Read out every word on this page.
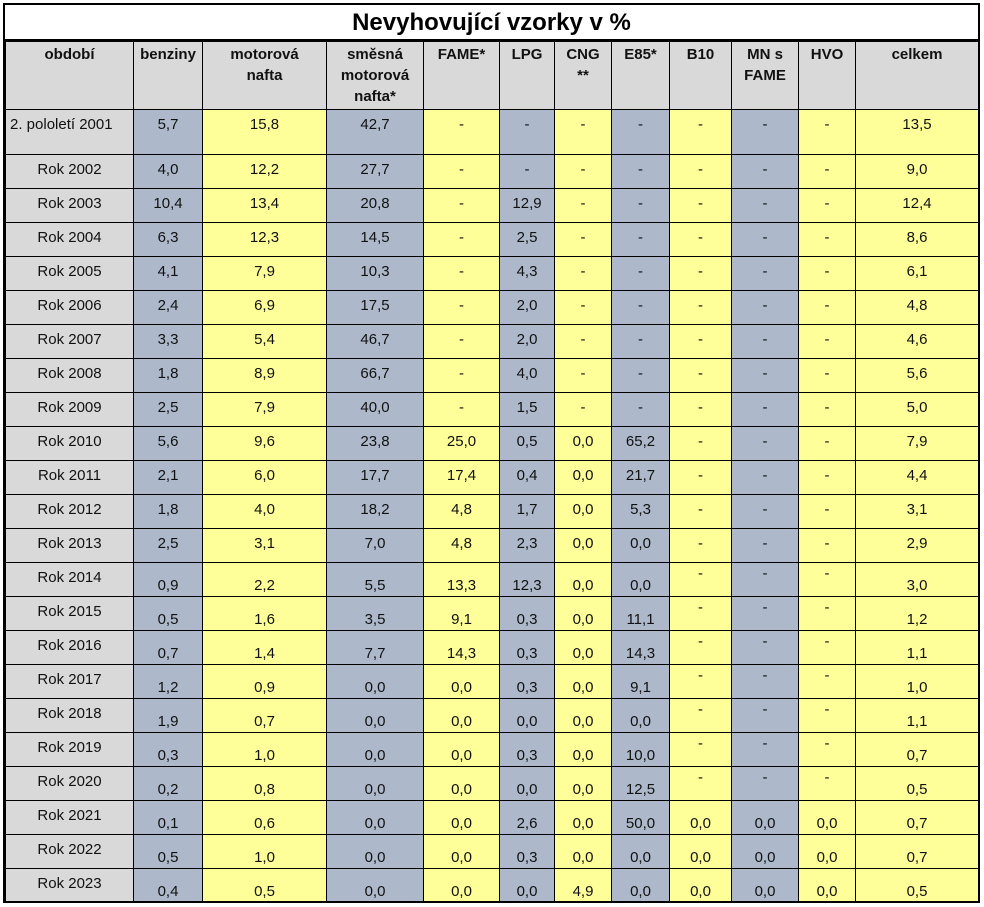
Nevyhovující vzorky v %
období	benziny	motorová nafta	směsná motorová nafta*	FAME*	LPG	CNG **	E85*	B10	MN s FAME	HVO	celkem
2. pololetí 2001	5,7	15,8	42,7	-	-	-	-	-	-	-	13,5
Rok 2002	4,0	12,2	27,7	-	-	-	-	-	-	-	9,0
Rok 2003	10,4	13,4	20,8	-	12,9	-	-	-	-	-	12,4
Rok 2004	6,3	12,3	14,5	-	2,5	-	-	-	-	-	8,6
Rok 2005	4,1	7,9	10,3	-	4,3	-	-	-	-	-	6,1
Rok 2006	2,4	6,9	17,5	-	2,0	-	-	-	-	-	4,8
Rok 2007	3,3	5,4	46,7	-	2,0	-	-	-	-	-	4,6
Rok 2008	1,8	8,9	66,7	-	4,0	-	-	-	-	-	5,6
Rok 2009	2,5	7,9	40,0	-	1,5	-	-	-	-	-	5,0
Rok 2010	5,6	9,6	23,8	25,0	0,5	0,0	65,2	-	-	-	7,9
Rok 2011	2,1	6,0	17,7	17,4	0,4	0,0	21,7	-	-	-	4,4
Rok 2012	1,8	4,0	18,2	4,8	1,7	0,0	5,3	-	-	-	3,1
Rok 2013	2,5	3,1	7,0	4,8	2,3	0,0	0,0	-	-	-	2,9
Rok 2014	0,9	2,2	5,5	13,3	12,3	0,0	0,0	-	-	-	3,0
Rok 2015	0,5	1,6	3,5	9,1	0,3	0,0	11,1	-	-	-	1,2
Rok 2016	0,7	1,4	7,7	14,3	0,3	0,0	14,3	-	-	-	1,1
Rok 2017	1,2	0,9	0,0	0,0	0,3	0,0	9,1	-	-	-	1,0
Rok 2018	1,9	0,7	0,0	0,0	0,0	0,0	0,0	-	-	-	1,1
Rok 2019	0,3	1,0	0,0	0,0	0,3	0,0	10,0	-	-	-	0,7
Rok 2020	0,2	0,8	0,0	0,0	0,0	0,0	12,5	-	-	-	0,5
Rok 2021	0,1	0,6	0,0	0,0	2,6	0,0	50,0	0,0	0,0	0,0	0,7
Rok 2022	0,5	1,0	0,0	0,0	0,3	0,0	0,0	0,0	0,0	0,0	0,7
Rok 2023	0,4	0,5	0,0	0,0	0,0	4,9	0,0	0,0	0,0	0,0	0,5
